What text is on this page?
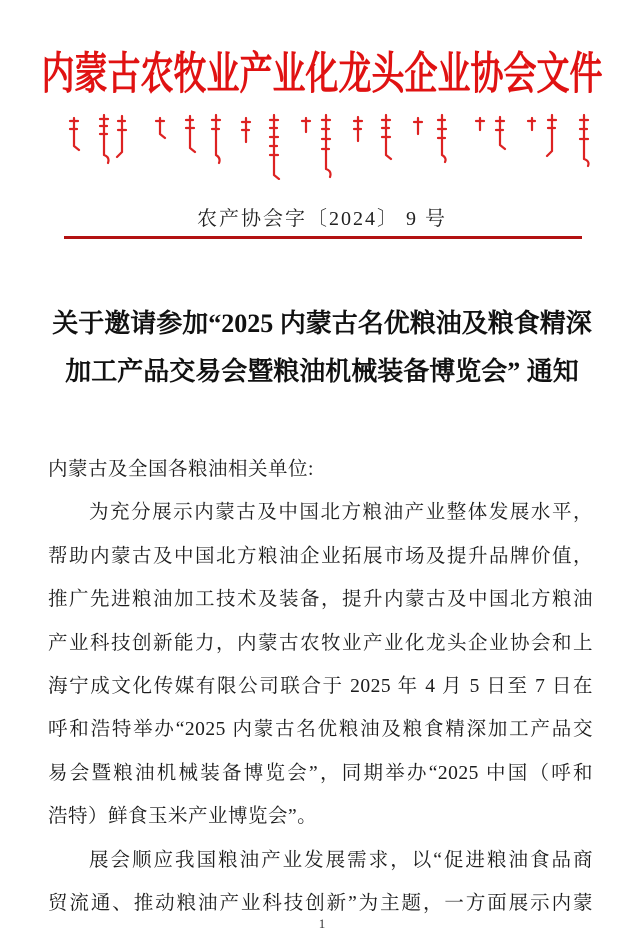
内蒙古农牧业产业化龙头企业协会文件
农产协会字〔2024〕 9 号
关于邀请参加“2025 内蒙古名优粮油及粮食精深
加工产品交易会暨粮油机械装备博览会” 通知
内蒙古及全国各粮油相关单位:
为充分展示内蒙古及中国北方粮油产业整体发展水平，
帮助内蒙古及中国北方粮油企业拓展市场及提升品牌价值，
推广先进粮油加工技术及装备，提升内蒙古及中国北方粮油
产业科技创新能力，内蒙古农牧业产业化龙头企业协会和上
海宁成文化传媒有限公司联合于 2025 年 4 月 5 日至 7 日在
呼和浩特举办“2025 内蒙古名优粮油及粮食精深加工产品交
易会暨粮油机械装备博览会”，同期举办“2025 中国（呼和
浩特）鲜食玉米产业博览会”。
展会顺应我国粮油产业发展需求，以“促进粮油食品商
贸流通、推动粮油产业科技创新”为主题，一方面展示内蒙
1
